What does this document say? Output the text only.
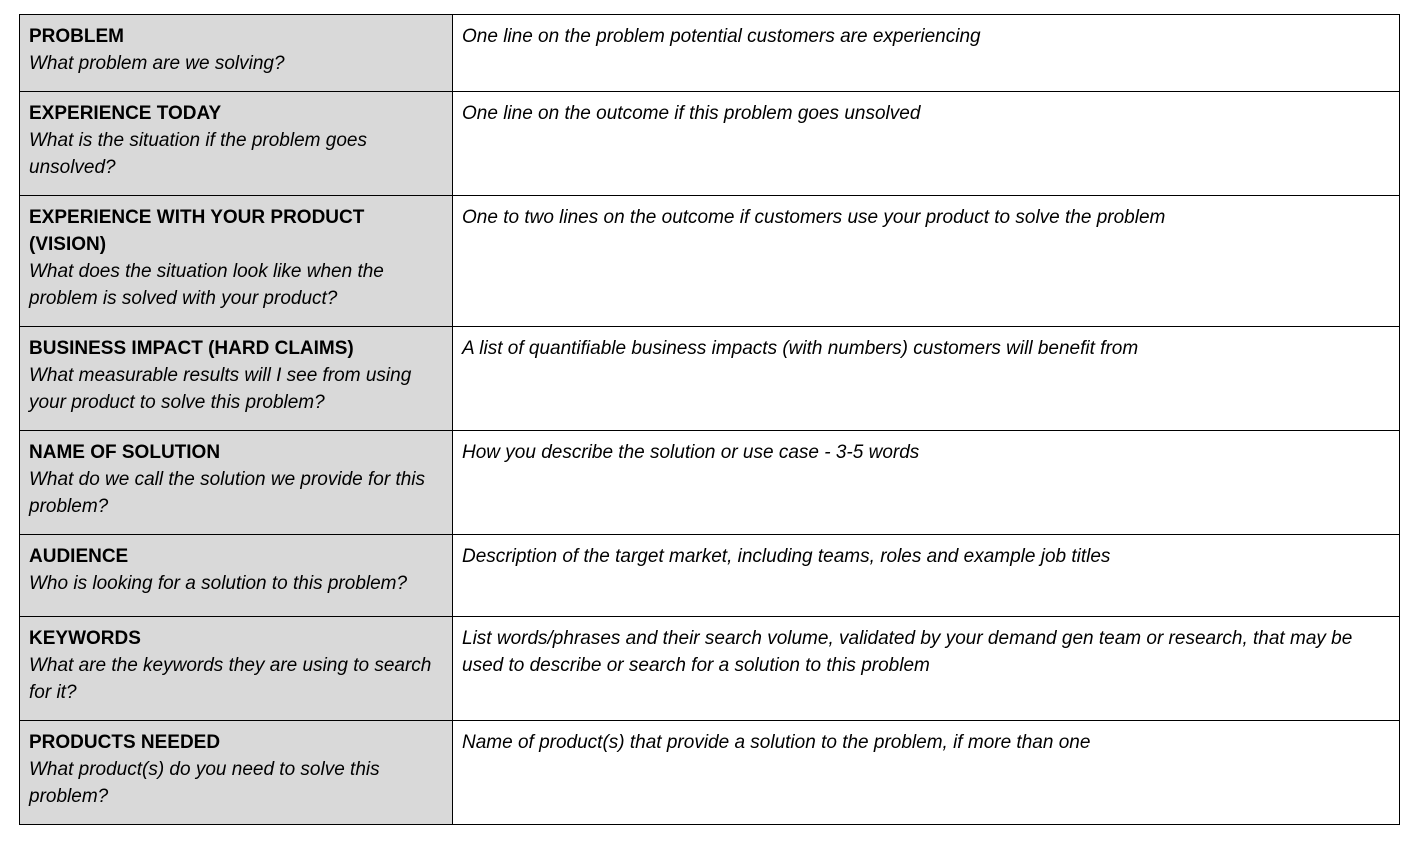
PROBLEM
What problem are we solving?	One line on the problem potential customers are experiencing

EXPERIENCE TODAY
What is the situation if the problem goes unsolved?	One line on the outcome if this problem goes unsolved

EXPERIENCE WITH YOUR PRODUCT (VISION)
What does the situation look like when the problem is solved with your product?	One to two lines on the outcome if customers use your product to solve the problem

BUSINESS IMPACT (HARD CLAIMS)
What measurable results will I see from using your product to solve this problem?	A list of quantifiable business impacts (with numbers) customers will benefit from

NAME OF SOLUTION
What do we call the solution we provide for this problem?	How you describe the solution or use case - 3-5 words

AUDIENCE
Who is looking for a solution to this problem?	Description of the target market, including teams, roles and example job titles

KEYWORDS
What are the keywords they are using to search for it?	List words/phrases and their search volume, validated by your demand gen team or research, that may be used to describe or search for a solution to this problem

PRODUCTS NEEDED
What product(s) do you need to solve this problem?	Name of product(s) that provide a solution to the problem, if more than one
